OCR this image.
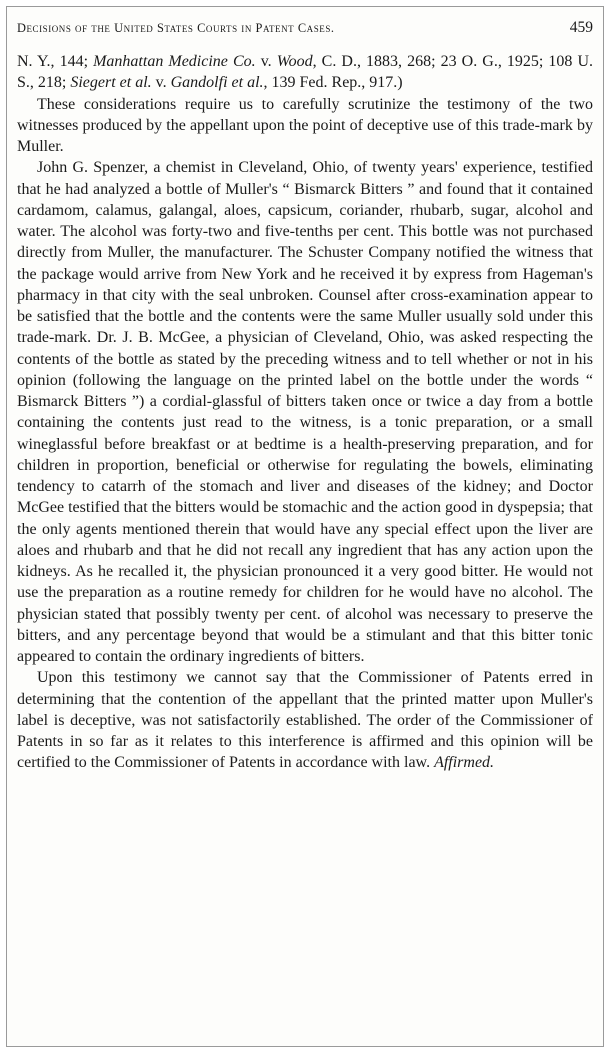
Decisions of the United States Courts in Patent Cases.	459

N. Y., 144; Manhattan Medicine Co. v. Wood, C. D., 1883, 268; 23 O. G., 1925; 108 U. S., 218; Siegert et al. v. Gandolfi et al., 139 Fed. Rep., 917.)

These considerations require us to carefully scrutinize the testimony of the two witnesses produced by the appellant upon the point of deceptive use of this trade-mark by Muller.

John G. Spenzer, a chemist in Cleveland, Ohio, of twenty years' experience, testified that he had analyzed a bottle of Muller's “ Bismarck Bitters ” and found that it contained cardamom, calamus, galangal, aloes, capsicum, coriander, rhubarb, sugar, alcohol and water. The alcohol was forty-two and five-tenths per cent. This bottle was not purchased directly from Muller, the manufacturer. The Schuster Company notified the witness that the package would arrive from New York and he received it by express from Hageman's pharmacy in that city with the seal unbroken. Counsel after cross-examination appear to be satisfied that the bottle and the contents were the same Muller usually sold under this trade-mark. Dr. J. B. McGee, a physician of Cleveland, Ohio, was asked respecting the contents of the bottle as stated by the preceding witness and to tell whether or not in his opinion (following the language on the printed label on the bottle under the words “ Bismarck Bitters ”) a cordial-glassful of bitters taken once or twice a day from a bottle containing the contents just read to the witness, is a tonic preparation, or a small wineglassful before breakfast or at bedtime is a health-preserving preparation, and for children in proportion, beneficial or otherwise for regulating the bowels, eliminating tendency to catarrh of the stomach and liver and diseases of the kidney; and Doctor McGee testified that the bitters would be stomachic and the action good in dyspepsia; that the only agents mentioned therein that would have any special effect upon the liver are aloes and rhubarb and that he did not recall any ingredient that has any action upon the kidneys. As he recalled it, the physician pronounced it a very good bitter. He would not use the preparation as a routine remedy for children for he would have no alcohol. The physician stated that possibly twenty per cent. of alcohol was necessary to preserve the bitters, and any percentage beyond that would be a stimulant and that this bitter tonic appeared to contain the ordinary ingredients of bitters.

Upon this testimony we cannot say that the Commissioner of Patents erred in determining that the contention of the appellant that the printed matter upon Muller's label is deceptive, was not satisfactorily established. The order of the Commissioner of Patents in so far as it relates to this interference is affirmed and this opinion will be certified to the Commissioner of Patents in accordance with law. Affirmed.
